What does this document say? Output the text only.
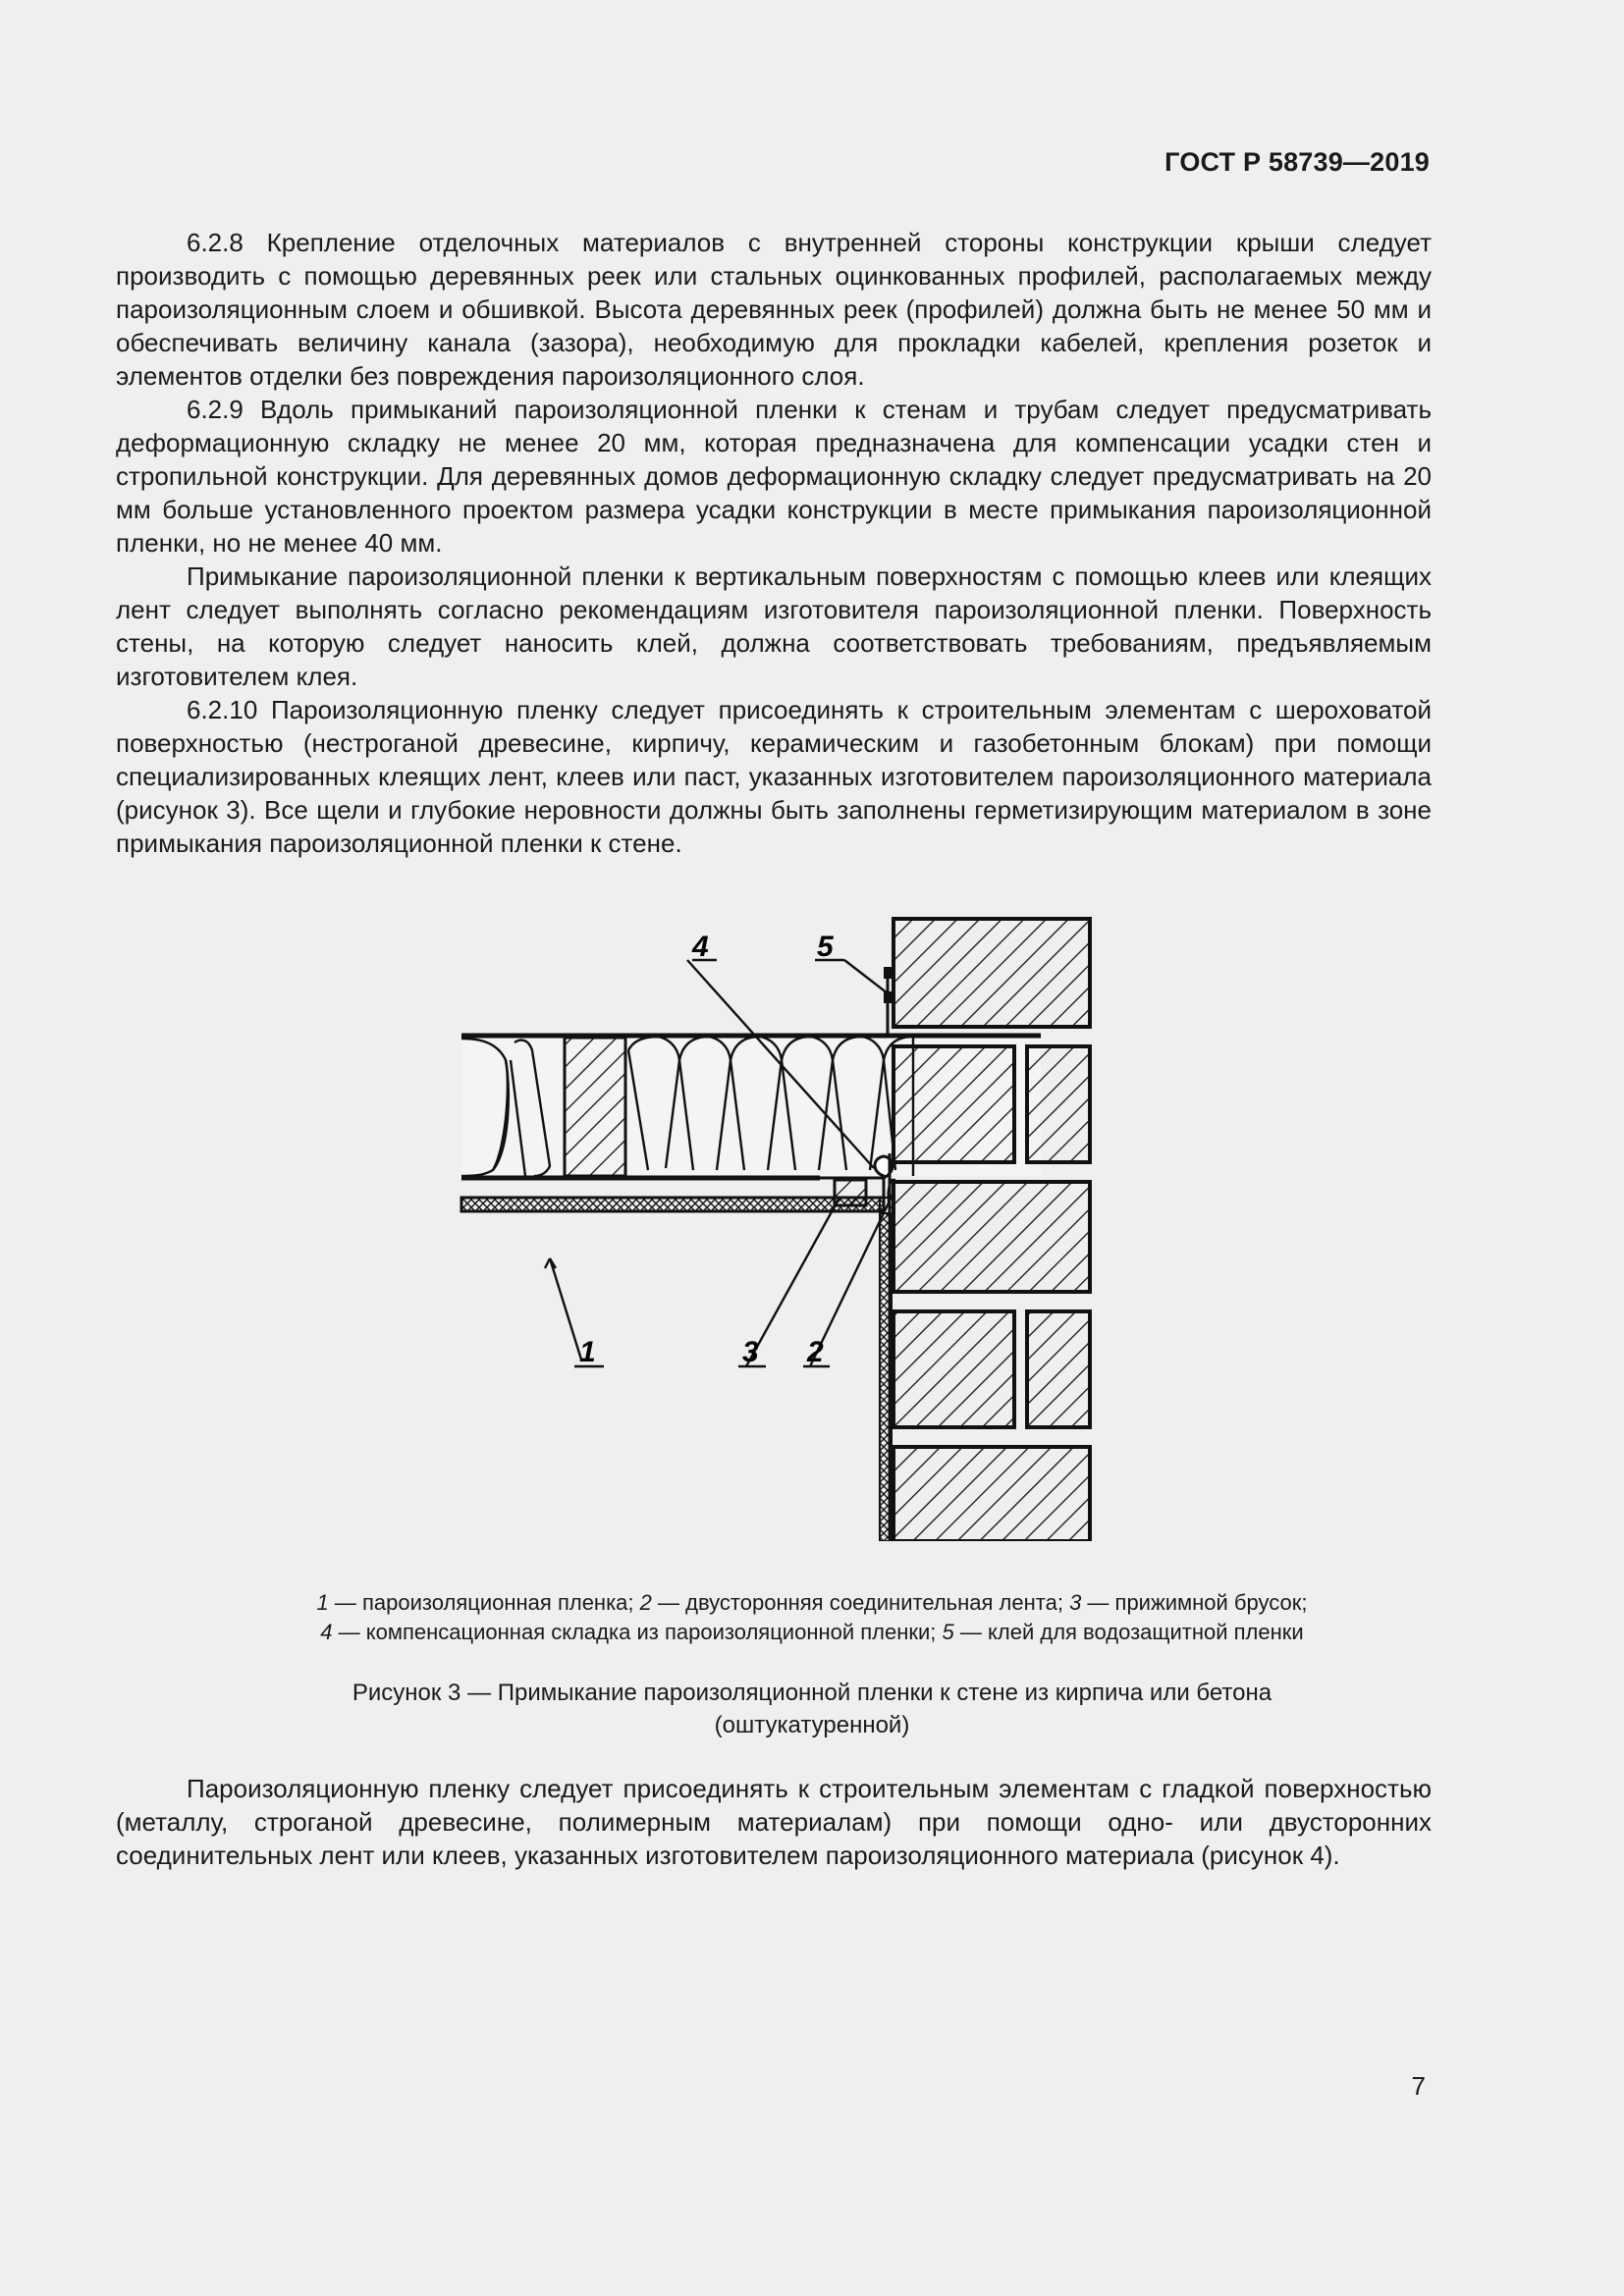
ГОСТ Р 58739—2019

6.2.8 Крепление отделочных материалов с внутренней стороны конструкции крыши следует производить с помощью деревянных реек или стальных оцинкованных профилей, располагаемых между пароизоляционным слоем и обшивкой. Высота деревянных реек (профилей) должна быть не менее 50 мм и обеспечивать величину канала (зазора), необходимую для прокладки кабелей, крепления розеток и элементов отделки без повреждения пароизоляционного слоя.

6.2.9 Вдоль примыканий пароизоляционной пленки к стенам и трубам следует предусматривать деформационную складку не менее 20 мм, которая предназначена для компенсации усадки стен и стропильной конструкции. Для деревянных домов деформационную складку следует предусматривать на 20 мм больше установленного проектом размера усадки конструкции в месте примыкания пароизоляционной пленки, но не менее 40 мм.

Примыкание пароизоляционной пленки к вертикальным поверхностям с помощью клеев или клеящих лент следует выполнять согласно рекомендациям изготовителя пароизоляционной пленки. Поверхность стены, на которую следует наносить клей, должна соответствовать требованиям, предъявляемым изготовителем клея.

6.2.10 Пароизоляционную пленку следует присоединять к строительным элементам с шероховатой поверхностью (нестроганой древесине, кирпичу, керамическим и газобетонным блокам) при помощи специализированных клеящих лент, клеев или паст, указанных изготовителем пароизоляционного материала (рисунок 3). Все щели и глубокие неровности должны быть заполнены герметизирующим материалом в зоне примыкания пароизоляционной пленки к стене.

4	5
1	3 2

1 — пароизоляционная пленка; 2 — двусторонняя соединительная лента; 3 — прижимной брусок;

4 — компенсационная складка из пароизоляционной пленки; 5 — клей для водозащитной пленки

Рисунок 3 — Примыкание пароизоляционной пленки к стене из кирпича или бетона

(оштукатуренной)

Пароизоляционную пленку следует присоединять к строительным элементам с гладкой поверхностью (металлу, строганой древесине, полимерным материалам) при помощи одно- или двусторонних соединительных лент или клеев, указанных изготовителем пароизоляционного материала (рисунок 4).

7
